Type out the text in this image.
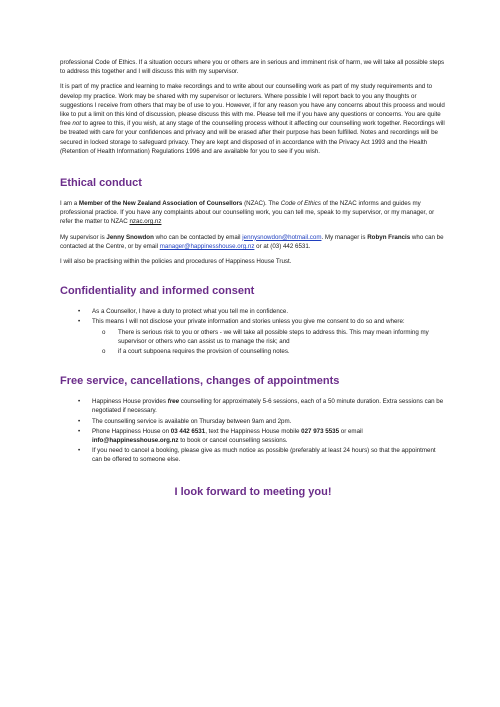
professional Code of Ethics. If a situation occurs where you or others are in serious and imminent risk of harm, we will take all possible steps to address this together and I will discuss this with my supervisor.

It is part of my practice and learning to make recordings and to write about our counselling work as part of my study requirements and to develop my practice. Work may be shared with my supervisor or lecturers. Where possible I will report back to you any thoughts or suggestions I receive from others that may be of use to you. However, if for any reason you have any concerns about this process and would like to put a limit on this kind of discussion, please discuss this with me. Please tell me if you have any questions or concerns. You are quite free not to agree to this, if you wish, at any stage of the counselling process without it affecting our counselling work together. Recordings will be treated with care for your confidences and privacy and will be erased after their purpose has been fulfilled. Notes and recordings will be secured in locked storage to safeguard privacy. They are kept and disposed of in accordance with the Privacy Act 1993 and the Health (Retention of Health Information) Regulations 1996 and are available for you to see if you wish.

Ethical conduct

I am a Member of the New Zealand Association of Counsellors (NZAC). The Code of Ethics of the NZAC informs and guides my professional practice. If you have any complaints about our counselling work, you can tell me, speak to my supervisor, or my manager, or refer the matter to NZAC nzac.org.nz

My supervisor is Jenny Snowdon who can be contacted by email jennysnowdon@hotmail.com. My manager is Robyn Francis who can be contacted at the Centre, or by email manager@happinesshouse.org.nz or at (03) 442 6531.

I will also be practising within the policies and procedures of Happiness House Trust.

Confidentiality and informed consent
• As a Counsellor, I have a duty to protect what you tell me in confidence.
• This means I will not disclose your private information and stories unless you give me consent to do so and where:
o There is serious risk to you or others - we will take all possible steps to address this. This may mean informing my supervisor or others who can assist us to manage the risk; and
o if a court subpoena requires the provision of counselling notes.
Free service, cancellations, changes of appointments
• Happiness House provides free counselling for approximately 5-6 sessions, each of a 50 minute duration. Extra sessions can be negotiated if necessary.
• The counselling service is available on Thursday between 9am and 2pm.
• Phone Happiness House on 03 442 6531, text the Happiness House mobile 027 973 5535 or email info@happinesshouse.org.nz to book or cancel counselling sessions.
• If you need to cancel a booking, please give as much notice as possible (preferably at least 24 hours) so that the appointment can be offered to someone else.
I look forward to meeting you!
